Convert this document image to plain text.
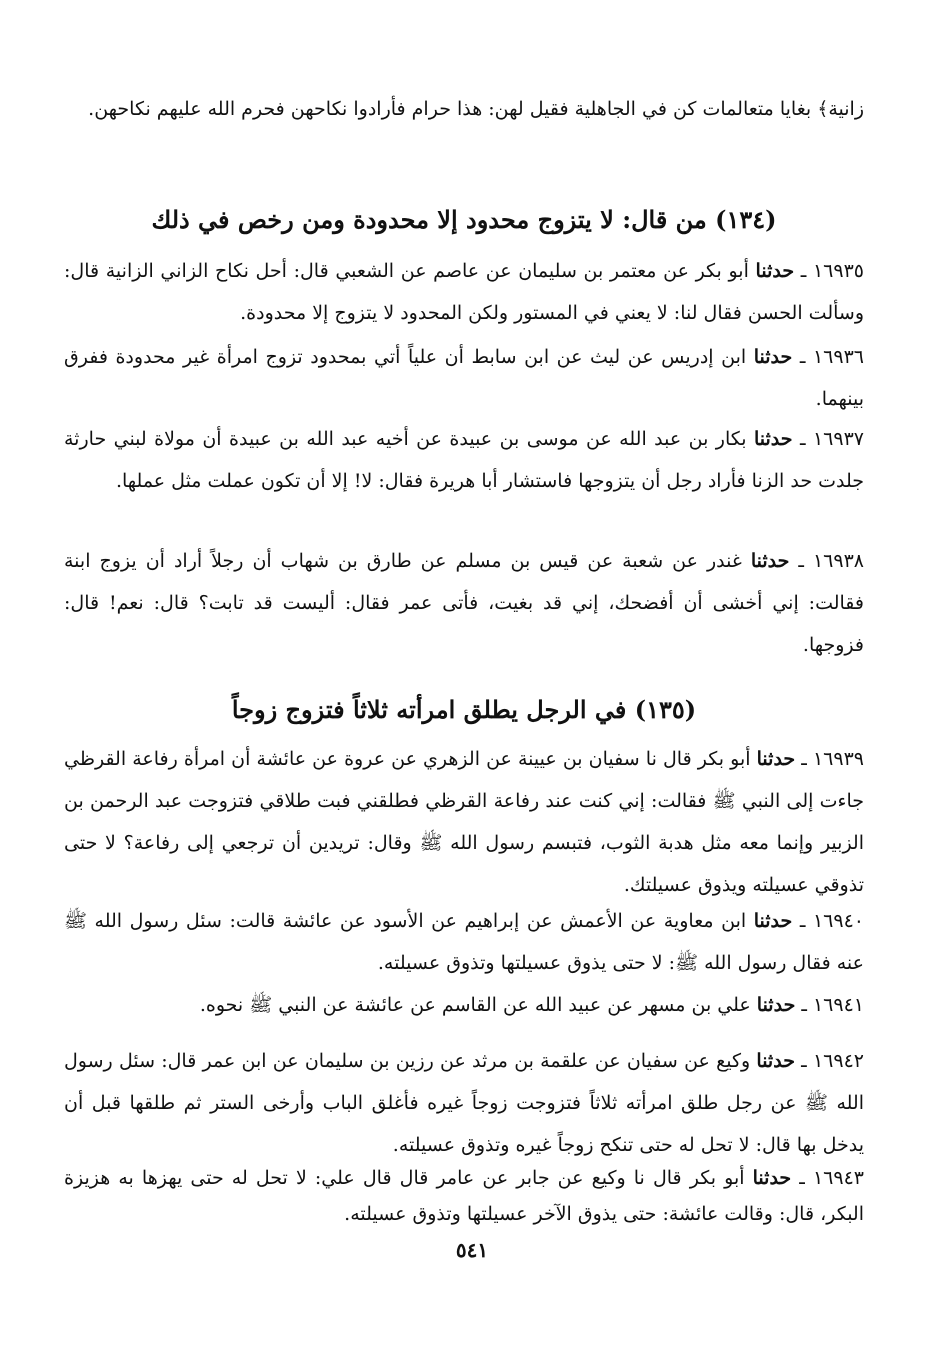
زانية﴾ بغايا متعالمات كن في الجاهلية فقيل لهن: هذا حرام فأرادوا نكاحهن فحرم الله عليهم نكاحهن.
(١٣٤) من قال: لا يتزوج محدود إلا محدودة ومن رخص في ذلك
١٦٩٣٥ ـ حدثنا أبو بكر عن معتمر بن سليمان عن عاصم عن الشعبي قال: أحل نكاح الزاني الزانية قال: وسألت الحسن فقال لنا: لا يعني في المستور ولكن المحدود لا يتزوج إلا محدودة.
١٦٩٣٦ ـ حدثنا ابن إدريس عن ليث عن ابن سابط أن علياً أتي بمحدود تزوج امرأة غير محدودة ففرق بينهما.
١٦٩٣٧ ـ حدثنا بكار بن عبد الله عن موسى بن عبيدة عن أخيه عبد الله بن عبيدة أن مولاة لبني حارثة جلدت حد الزنا فأراد رجل أن يتزوجها فاستشار أبا هريرة فقال: لا! إلا أن تكون عملت مثل عملها.
١٦٩٣٨ ـ حدثنا غندر عن شعبة عن قيس بن مسلم عن طارق بن شهاب أن رجلاً أراد أن يزوج ابنة فقالت: إني أخشى أن أفضحك، إني قد بغيت، فأتى عمر فقال: أليست قد تابت؟ قال: نعم! قال: فزوجها.
(١٣٥) في الرجل يطلق امرأته ثلاثاً فتزوج زوجاً
١٦٩٣٩ ـ حدثنا أبو بكر قال نا سفيان بن عيينة عن الزهري عن عروة عن عائشة أن امرأة رفاعة القرظي جاءت إلى النبي ﷺ فقالت: إني كنت عند رفاعة القرظي فطلقني فبت طلاقي فتزوجت عبد الرحمن بن الزبير وإنما معه مثل هدبة الثوب، فتبسم رسول الله ﷺ وقال: تريدين أن ترجعي إلى رفاعة؟ لا حتى تذوقي عسيلته ويذوق عسيلتك.
١٦٩٤٠ ـ حدثنا ابن معاوية عن الأعمش عن إبراهيم عن الأسود عن عائشة قالت: سئل رسول الله ﷺ عنه فقال رسول الله ﷺ: لا حتى يذوق عسيلتها وتذوق عسيلته.
١٦٩٤١ ـ حدثنا علي بن مسهر عن عبيد الله عن القاسم عن عائشة عن النبي ﷺ نحوه.
١٦٩٤٢ ـ حدثنا وكيع عن سفيان عن علقمة بن مرثد عن رزين بن سليمان عن ابن عمر قال: سئل رسول الله ﷺ عن رجل طلق امرأته ثلاثاً فتزوجت زوجاً غيره فأغلق الباب وأرخى الستر ثم طلقها قبل أن يدخل بها قال: لا تحل له حتى تنكح زوجاً غيره وتذوق عسيلته.
١٦٩٤٣ ـ حدثنا أبو بكر قال نا وكيع عن جابر عن عامر قال قال علي: لا تحل له حتى يهزها به هزيزة البكر، قال: وقالت عائشة: حتى يذوق الآخر عسيلتها وتذوق عسيلته.
٥٤١
